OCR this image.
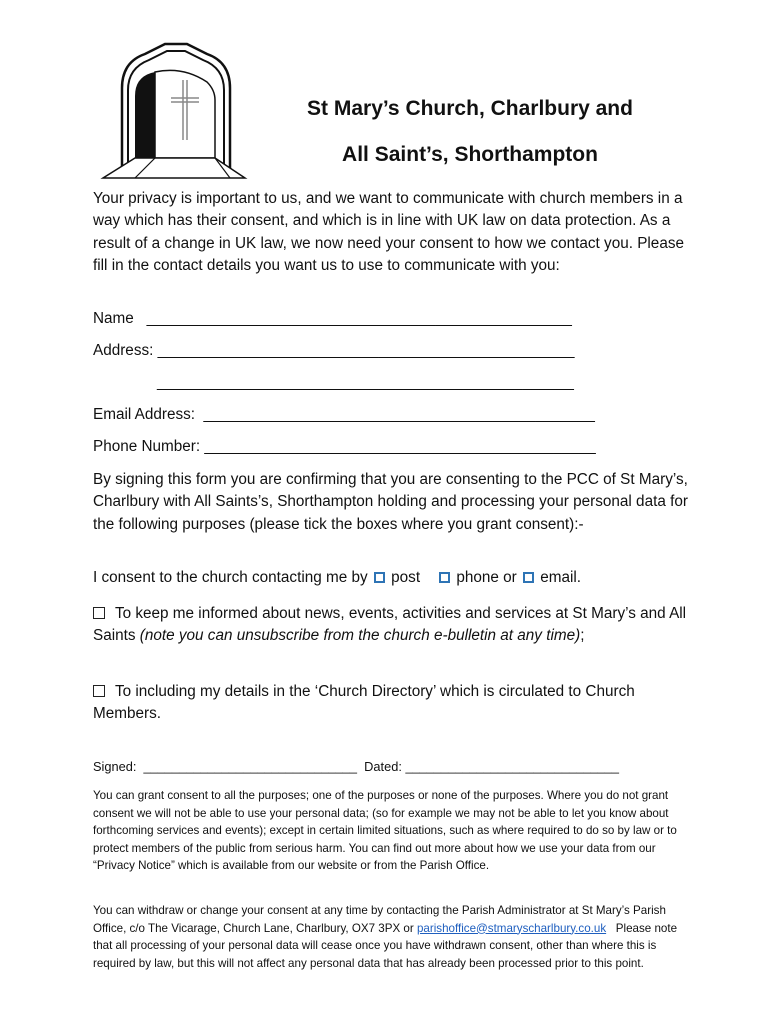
St Mary’s Church, Charlbury and
All Saint’s, Shorthampton
Your privacy is important to us, and we want to communicate with church members in a way which has their consent, and which is in line with UK law on data protection. As a result of a change in UK law, we now need your consent to how we contact you. Please fill in the contact details you want us to use to communicate with you:
Name __________________________________________________
Address: _________________________________________________
_________________________________________________
Email Address: ______________________________________________
Phone Number: ______________________________________________
By signing this form you are confirming that you are consenting to the PCC of St Mary’s, Charlbury with All Saints’s, Shorthampton holding and processing your personal data for the following purposes (please tick the boxes where you grant consent):-
I consent to the church contacting me by post phone or email.
To keep me informed about news, events, activities and services at St Mary’s and All Saints (note you can unsubscribe from the church e-bulletin at any time);
To including my details in the ‘Church Directory’ which is circulated to Church Members.
Signed: ______________________________ Dated: ______________________________
You can grant consent to all the purposes; one of the purposes or none of the purposes. Where you do not grant consent we will not be able to use your personal data; (so for example we may not be able to let you know about forthcoming services and events); except in certain limited situations, such as where required to do so by law or to protect members of the public from serious harm. You can find out more about how we use your data from our “Privacy Notice” which is available from our website or from the Parish Office.
You can withdraw or change your consent at any time by contacting the Parish Administrator at St Mary’s Parish Office, c/o The Vicarage, Church Lane, Charlbury, OX7 3PX or parishoffice@stmaryscharlbury.co.uk   Please note that all processing of your personal data will cease once you have withdrawn consent, other than where this is required by law, but this will not affect any personal data that has already been processed prior to this point.
